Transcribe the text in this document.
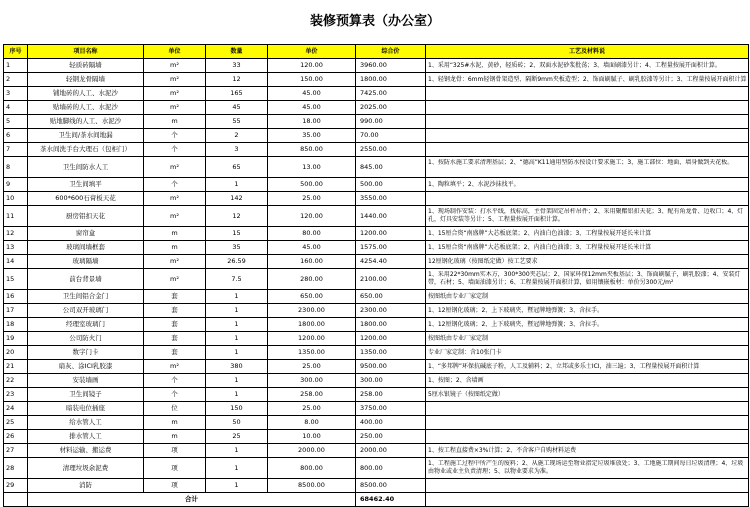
装修预算表（办公室）
序号	项目名称	单位	数量	单价	综合价	工艺及材料说
1	轻质砖隔墙	m²	33	120.00	3960.00	1、采用“325#水泥、黄砂，轻质砖；2、双面水泥砂浆批荡；3、墙面刷漆另计；4、工程量按展开面积计算。
2	轻钢龙骨隔墙	m²	12	150.00	1800.00	1、轻钢龙骨：6mm轻钢骨架造型、隔断9mm夹板造型；2、饰面刷腻子、刷乳胶漆等另计；3、工程量按展开面积计算
3	铺地砖的人工、水泥沙	m²	165	45.00	7425.00	
4	贴墙砖的人工、水泥沙	m²	45	45.00	2025.00	
5	贴地脚线的人工、水泥沙	m	55	18.00	990.00	
6	卫生间/茶水间地漏	个	2	35.00	70.00	
7	茶水间洗手台大理石（包柜门）	个	3	850.00	2550.00	
8	卫生间防水人工	m²	65	13.00	845.00	1、按防水施工要求清理基层；2、“德高”K11通用型防水按设计要求施工；3、施工部位：地面，墙身做到天花板。

9	卫生间填平	个	1	500.00	500.00	1、陶粒填平；2、水泥沙抹找平。
10	600*600石膏板天花	m²	142	25.00	3550.00	
11	厨房铝扣天花	m²	12	120.00	1440.00	1、现场制作安装：打水平线，找标高，主骨架固定吊杆吊件；2、采用聚酯铝扣天花；3、配有角龙骨、边收口；4、灯孔，灯具安装等另计；5、工程量按展开面积计算。

12	窗帘盒	m	15	80.00	1200.00	1、15厘合资“南盛牌”大芯板底架；2、内油白色油漆；3、工程量按展开延长米计算
13	玻璃间墙框套	m	35	45.00	1575.00	1、15厘合资“南盛牌”大芯板底架；2、内油白色油漆；3、工程量按展开延长米计算
14	玻璃隔墙	m²	26.59	160.00	4254.40	12厘钢化玻璃（按图纸定做）按工艺要求
15	前台背景墙	m²	7.5	280.00	2100.00	1、采用22*30mm实木方，300*300夹芯层；2、国家环保12mm夹板基层；3、饰面刷腻子，刷乳胶漆；4、安装灯带，石材；5、墙面油漆另计；6、工程量按展开面积计算，如用镶嵌板材：单价另300元/m²

16	卫生间铝合金门	套	1	650.00	650.00	按图纸由专业厂家定制
17	公司双开玻璃门	套	1	2300.00	2300.00	1、12厘钢化玻璃；2、上下玻璃夹，暨冠牌地弹簧；3、含拉手。
18	经理室玻璃门	套	1	1800.00	1800.00	1、12厘钢化玻璃；2、上下玻璃夹，暨冠牌地弹簧；3、含拉手。
19	公司防火门	套	1	1200.00	1200.00	按图纸由专业厂家定制
20	数字门卡	套	1	1350.00	1350.00	专业厂家定制：含10张门卡
21	扇灰、涂ICI乳胶漆	m²	380	25.00	9500.00	1、“多邦牌”环保抗碱底子粉，人工及辅料；2、立邦或多乐士ICI，油三遍；3、工程量按展开面积计算
22	安装墙画	个	1	300.00	300.00	1、按图；2、含墙画
23	卫生间镜子	个	1	258.00	258.00	5厘水银镜子（按图纸定做）
24	暗装电位插座	位	150	25.00	3750.00	
25	给水管人工	m	50	8.00	400.00	
26	排水管人工	m	25	10.00	250.00	
27	材料运输、搬运费	项	1	2000.00	2000.00	1、按工程直接费×3%计算；2、不含客户自购材料运费
28	清理垃圾余泥费	项	1	800.00	800.00	1、工程施工过程中所产生的废料；2、从施工现场运至物业指定垃圾堆放处；3、工地施工期间每日垃圾清理；4、垃圾由物业或业主负责清理；5、以物业要求为准。

29	消防	项	1	8500.00	8500.00	
	合计				68462.40	
